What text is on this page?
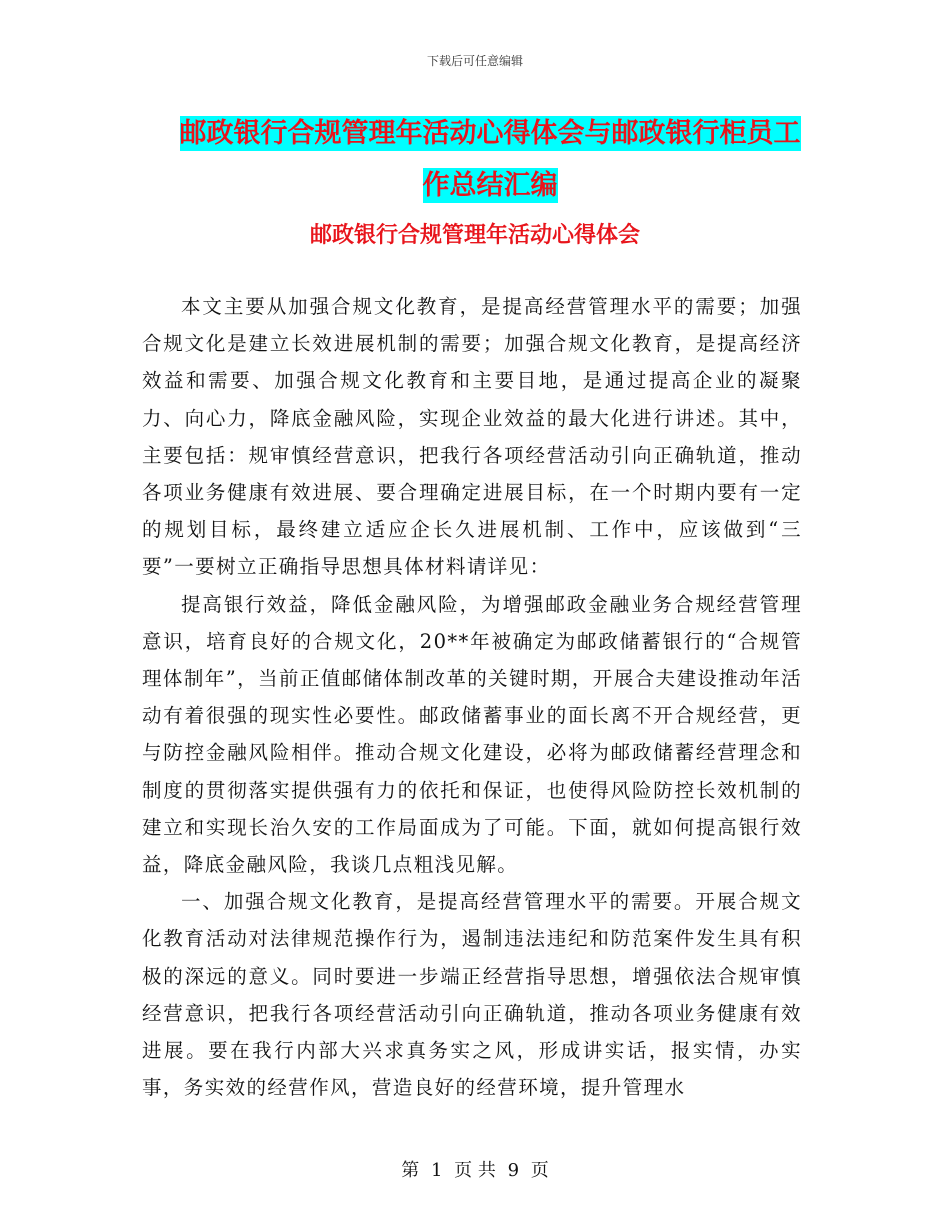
下载后可任意编辑
邮政银行合规管理年活动心得体会与邮政银行柜员工
作总结汇编
邮政银行合规管理年活动心得体会

本文主要从加强合规文化教育，是提高经营管理水平的需要；加强合规文化是建立长效进展机制的需要；加强合规文化教育，是提高经济效益和需要、加强合规文化教育和主要目地，是通过提高企业的凝聚力、向心力，降底金融风险，实现企业效益的最大化进行讲述。其中，主要包括：规审慎经营意识，把我行各项经营活动引向正确轨道，推动各项业务健康有效进展、要合理确定进展目标，在一个时期内要有一定的规划目标，最终建立适应企长久进展机制、工作中，应该做到“三要”一要树立正确指导思想具体材料请详见：

提高银行效益，降低金融风险，为增强邮政金融业务合规经营管理意识，培育良好的合规文化，20**年被确定为邮政储蓄银行的“合规管理体制年”，当前正值邮储体制改革的关键时期，开展合夫建设推动年活动有着很强的现实性必要性。邮政储蓄事业的面长离不开合规经营，更与防控金融风险相伴。推动合规文化建设，必将为邮政储蓄经营理念和制度的贯彻落实提供强有力的依托和保证，也使得风险防控长效机制的建立和实现长治久安的工作局面成为了可能。下面，就如何提高银行效益，降底金融风险，我谈几点粗浅见解。

一、加强合规文化教育，是提高经营管理水平的需要。开展合规文化教育活动对法律规范操作行为，遏制违法违纪和防范案件发生具有积极的深远的意义。同时要进一步端正经营指导思想，增强依法合规审慎经营意识，把我行各项经营活动引向正确轨道，推动各项业务健康有效进展。要在我行内部大兴求真务实之风，形成讲实话，报实情，办实事，务实效的经营作风，营造良好的经营环境，提升管理水

第 1 页 共 9 页
